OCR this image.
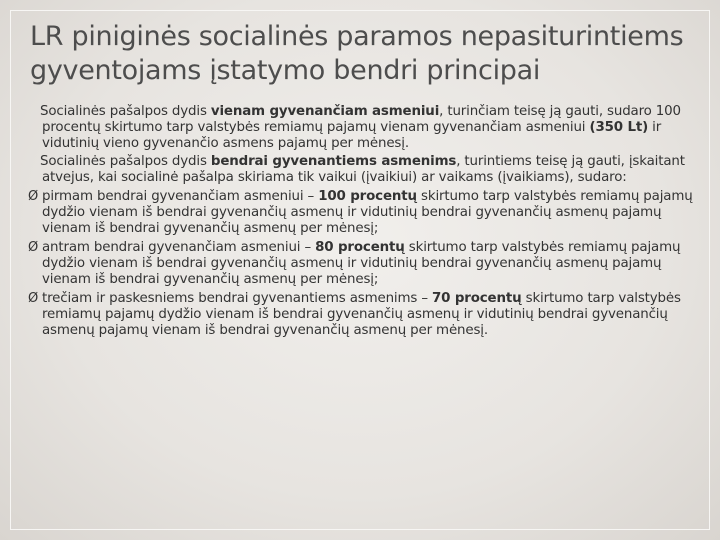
LR piniginės socialinės paramos nepasiturintiems gyventojams įstatymo bendri principai

Socialinės pašalpos dydis vienam gyvenančiam asmeniui, turinčiam teisę ją gauti, sudaro 100 procentų skirtumo tarp valstybės remiamų pajamų vienam gyvenančiam asmeniui (350 Lt) ir vidutinių vieno gyvenančio asmens pajamų per mėnesį.

Socialinės pašalpos dydis bendrai gyvenantiems asmenims, turintiems teisę ją gauti, įskaitant atvejus, kai socialinė pašalpa skiriama tik vaikui (įvaikiui) ar vaikams (įvaikiams), sudaro:

Ø pirmam bendrai gyvenančiam asmeniui – 100 procentų skirtumo tarp valstybės remiamų pajamų dydžio vienam iš bendrai gyvenančių asmenų ir vidutinių bendrai gyvenančių asmenų pajamų vienam iš bendrai gyvenančių asmenų per mėnesį;
Ø antram bendrai gyvenančiam asmeniui – 80 procentų skirtumo tarp valstybės remiamų pajamų dydžio vienam iš bendrai gyvenančių asmenų ir vidutinių bendrai gyvenančių asmenų pajamų vienam iš bendrai gyvenančių asmenų per mėnesį;
Ø trečiam ir paskesniems bendrai gyvenantiems asmenims – 70 procentų skirtumo tarp valstybės remiamų pajamų dydžio vienam iš bendrai gyvenančių asmenų ir vidutinių bendrai gyvenančių asmenų pajamų vienam iš bendrai gyvenančių asmenų per mėnesį.
